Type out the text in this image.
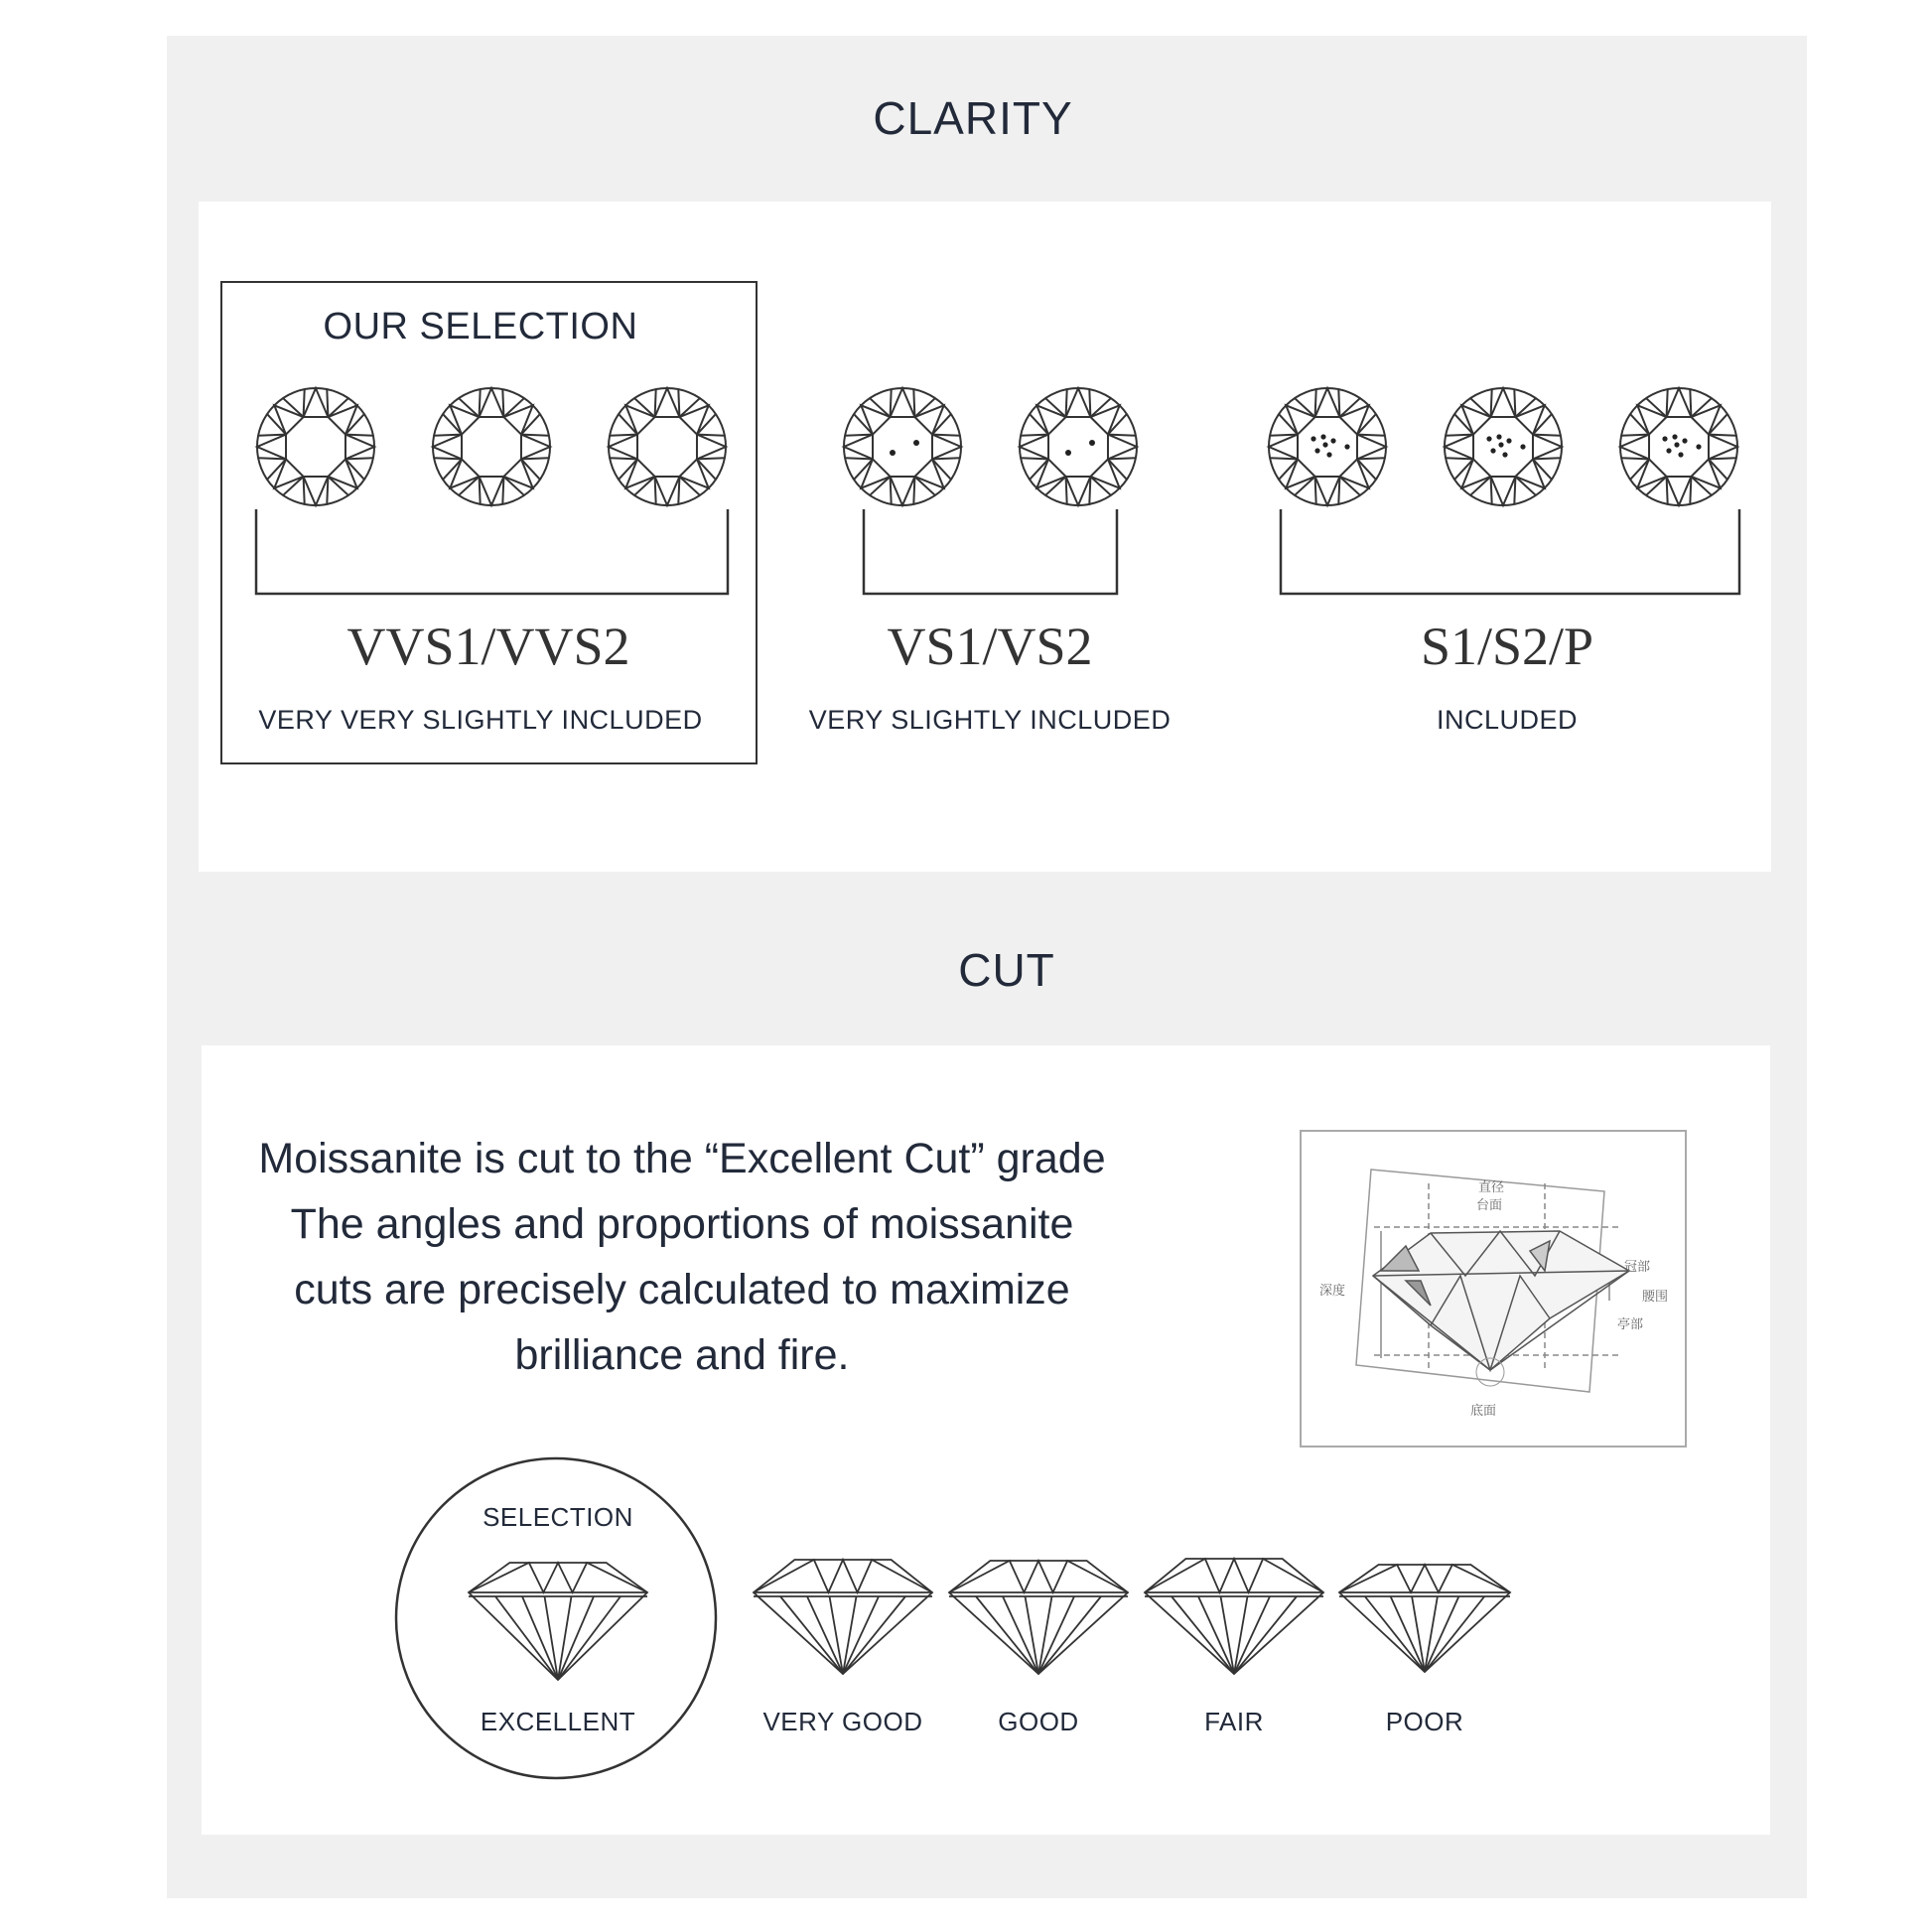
CLARITY
OUR SELECTION
VVS1/VVS2
VERY VERY SLIGHTLY INCLUDED
VS1/VS2
VERY SLIGHTLY INCLUDED
S1/S2/P
INCLUDED
CUT
Moissanite is cut to the “Excellent Cut” grade
The angles and proportions of moissanite
cuts are precisely calculated to maximize
brilliance and fire.
直径
台面
深度
冠部
腰围
亭部
底面
SELECTION
EXCELLENT	VERY GOOD	GOOD	FAIR	POOR
